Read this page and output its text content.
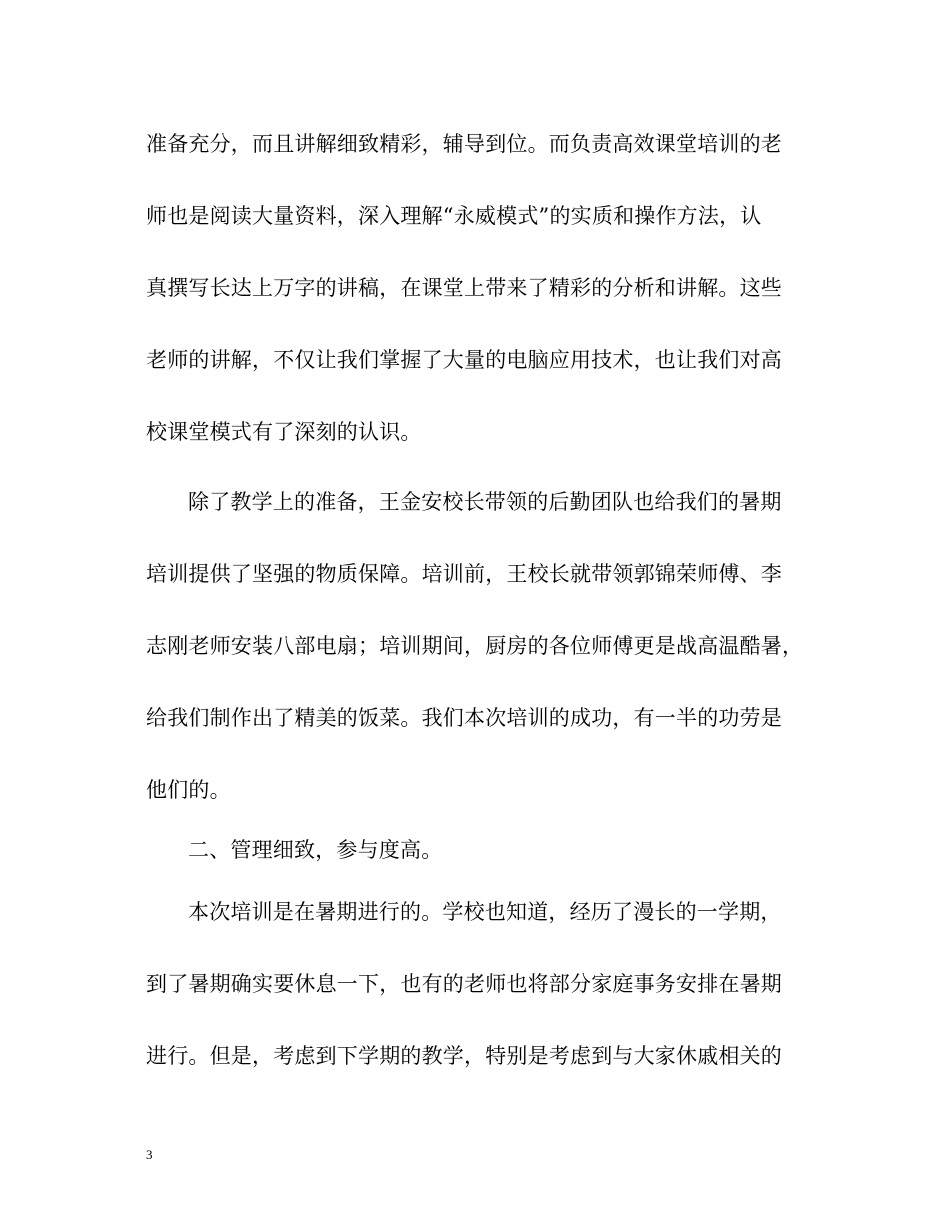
准备充分，而且讲解细致精彩，辅导到位。而负责高效课堂培训的老
师也是阅读大量资料，深入理解“永威模式”的实质和操作方法，认
真撰写长达上万字的讲稿，在课堂上带来了精彩的分析和讲解。这些
老师的讲解，不仅让我们掌握了大量的电脑应用技术，也让我们对高
校课堂模式有了深刻的认识。
除了教学上的准备，王金安校长带领的后勤团队也给我们的暑期
培训提供了坚强的物质保障。培训前，王校长就带领郭锦荣师傅、李
志刚老师安装八部电扇；培训期间，厨房的各位师傅更是战高温酷暑，
给我们制作出了精美的饭菜。我们本次培训的成功，有一半的功劳是
他们的。
二、管理细致，参与度高。
本次培训是在暑期进行的。学校也知道，经历了漫长的一学期，
到了暑期确实要休息一下，也有的老师也将部分家庭事务安排在暑期
进行。但是，考虑到下学期的教学，特别是考虑到与大家休戚相关的
3
